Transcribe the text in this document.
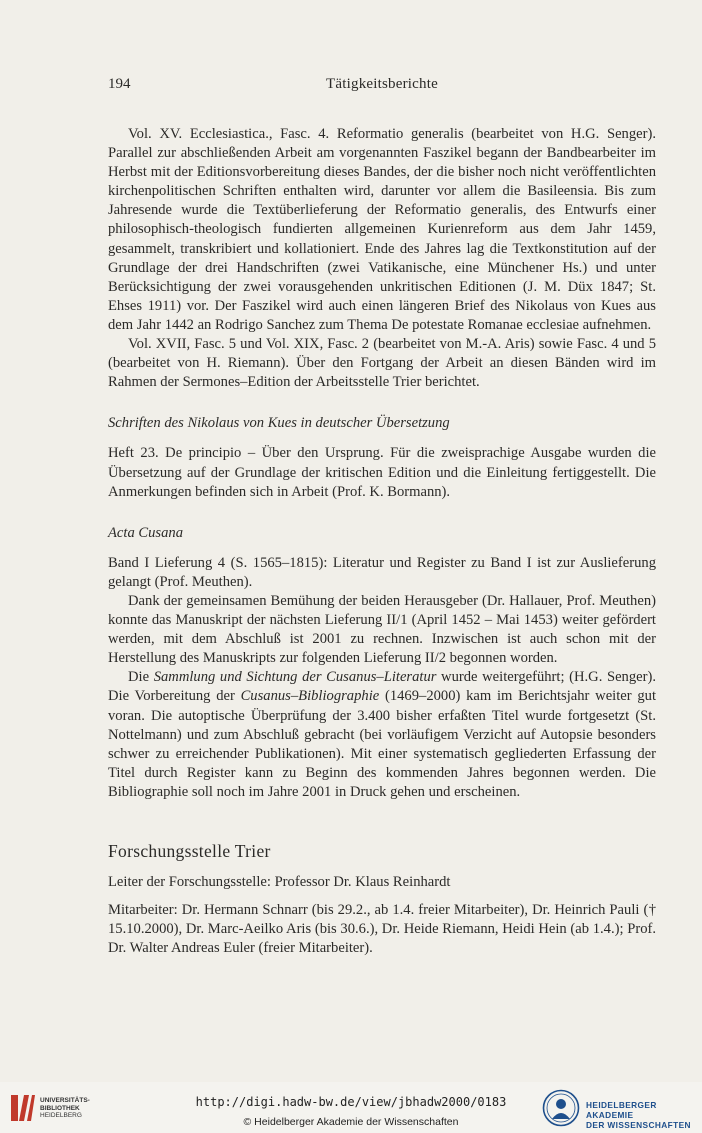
194	Tätigkeitsberichte

Vol. XV. Ecclesiastica., Fasc. 4. Reformatio generalis (bearbeitet von H.G. Senger). Parallel zur abschließenden Arbeit am vorgenannten Faszikel begann der Bandbearbeiter im Herbst mit der Editionsvorbereitung dieses Bandes, der die bisher noch nicht veröffentlichten kirchenpolitischen Schriften enthalten wird, darunter vor allem die Basileensia. Bis zum Jahresende wurde die Textüberlieferung der Reformatio generalis, des Entwurfs einer philosophisch-theologisch fundierten allgemeinen Kurienreform aus dem Jahr 1459, gesammelt, transkribiert und kollationiert. Ende des Jahres lag die Textkonstitution auf der Grundlage der drei Handschriften (zwei Vatikanische, eine Münchener Hs.) und unter Berücksichtigung der zwei vorausgehenden unkritischen Editionen (J. M. Düx 1847; St. Ehses 1911) vor. Der Faszikel wird auch einen längeren Brief des Nikolaus von Kues aus dem Jahr 1442 an Rodrigo Sanchez zum Thema De potestate Romanae ecclesiae aufnehmen.

Vol. XVII, Fasc. 5 und Vol. XIX, Fasc. 2 (bearbeitet von M.-A. Aris) sowie Fasc. 4 und 5 (bearbeitet von H. Riemann). Über den Fortgang der Arbeit an diesen Bänden wird im Rahmen der Sermones–Edition der Arbeitsstelle Trier berichtet.

Schriften des Nikolaus von Kues in deutscher Übersetzung

Heft 23. De principio – Über den Ursprung. Für die zweisprachige Ausgabe wurden die Übersetzung auf der Grundlage der kritischen Edition und die Einleitung fertiggestellt. Die Anmerkungen befinden sich in Arbeit (Prof. K. Bormann).

Acta Cusana

Band I Lieferung 4 (S. 1565–1815): Literatur und Register zu Band I ist zur Auslieferung gelangt (Prof. Meuthen).

Dank der gemeinsamen Bemühung der beiden Herausgeber (Dr. Hallauer, Prof. Meuthen) konnte das Manuskript der nächsten Lieferung II/1 (April 1452 – Mai 1453) weiter gefördert werden, mit dem Abschluß ist 2001 zu rechnen. Inzwischen ist auch schon mit der Herstellung des Manuskripts zur folgenden Lieferung II/2 begonnen worden.

Die Sammlung und Sichtung der Cusanus–Literatur wurde weitergeführt; (H.G. Senger). Die Vorbereitung der Cusanus–Bibliographie (1469–2000) kam im Berichtsjahr weiter gut voran. Die autoptische Überprüfung der 3.400 bisher erfaßten Titel wurde fortgesetzt (St. Nottelmann) und zum Abschluß gebracht (bei vorläufigem Verzicht auf Autopsie besonders schwer zu erreichender Publikationen). Mit einer systematisch gegliederten Erfassung der Titel durch Register kann zu Beginn des kommenden Jahres begonnen werden. Die Bibliographie soll noch im Jahre 2001 in Druck gehen und erscheinen.

Forschungsstelle Trier

Leiter der Forschungsstelle: Professor Dr. Klaus Reinhardt

Mitarbeiter: Dr. Hermann Schnarr (bis 29.2., ab 1.4. freier Mitarbeiter), Dr. Heinrich Pauli († 15.10.2000), Dr. Marc-Aeilko Aris (bis 30.6.), Dr. Heide Riemann, Heidi Hein (ab 1.4.); Prof. Dr. Walter Andreas Euler (freier Mitarbeiter).

UNIVERSITÄTS-
BIBLIOTHEK
HEIDELBERG
http://digi.hadw-bw.de/view/jbhadw2000/0183
© Heidelberger Akademie der Wissenschaften
HEIDELBERGER AKADEMIE
DER WISSENSCHAFTEN
